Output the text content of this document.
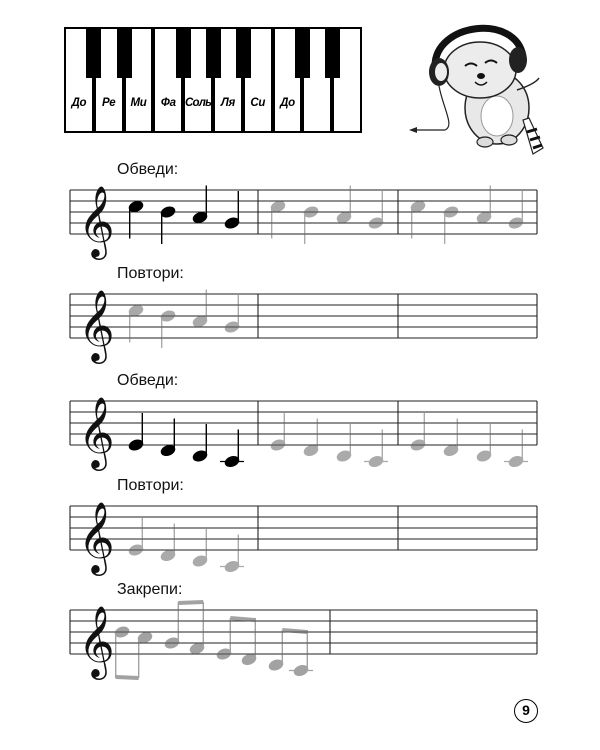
До	Ре	Ми	Фа Соль Ля	Си	До
Обведи:
Повтори:
Обведи:
Повтори:
Закрепи:
𝄞
𝄞
𝄞
𝄞
𝄞
9
